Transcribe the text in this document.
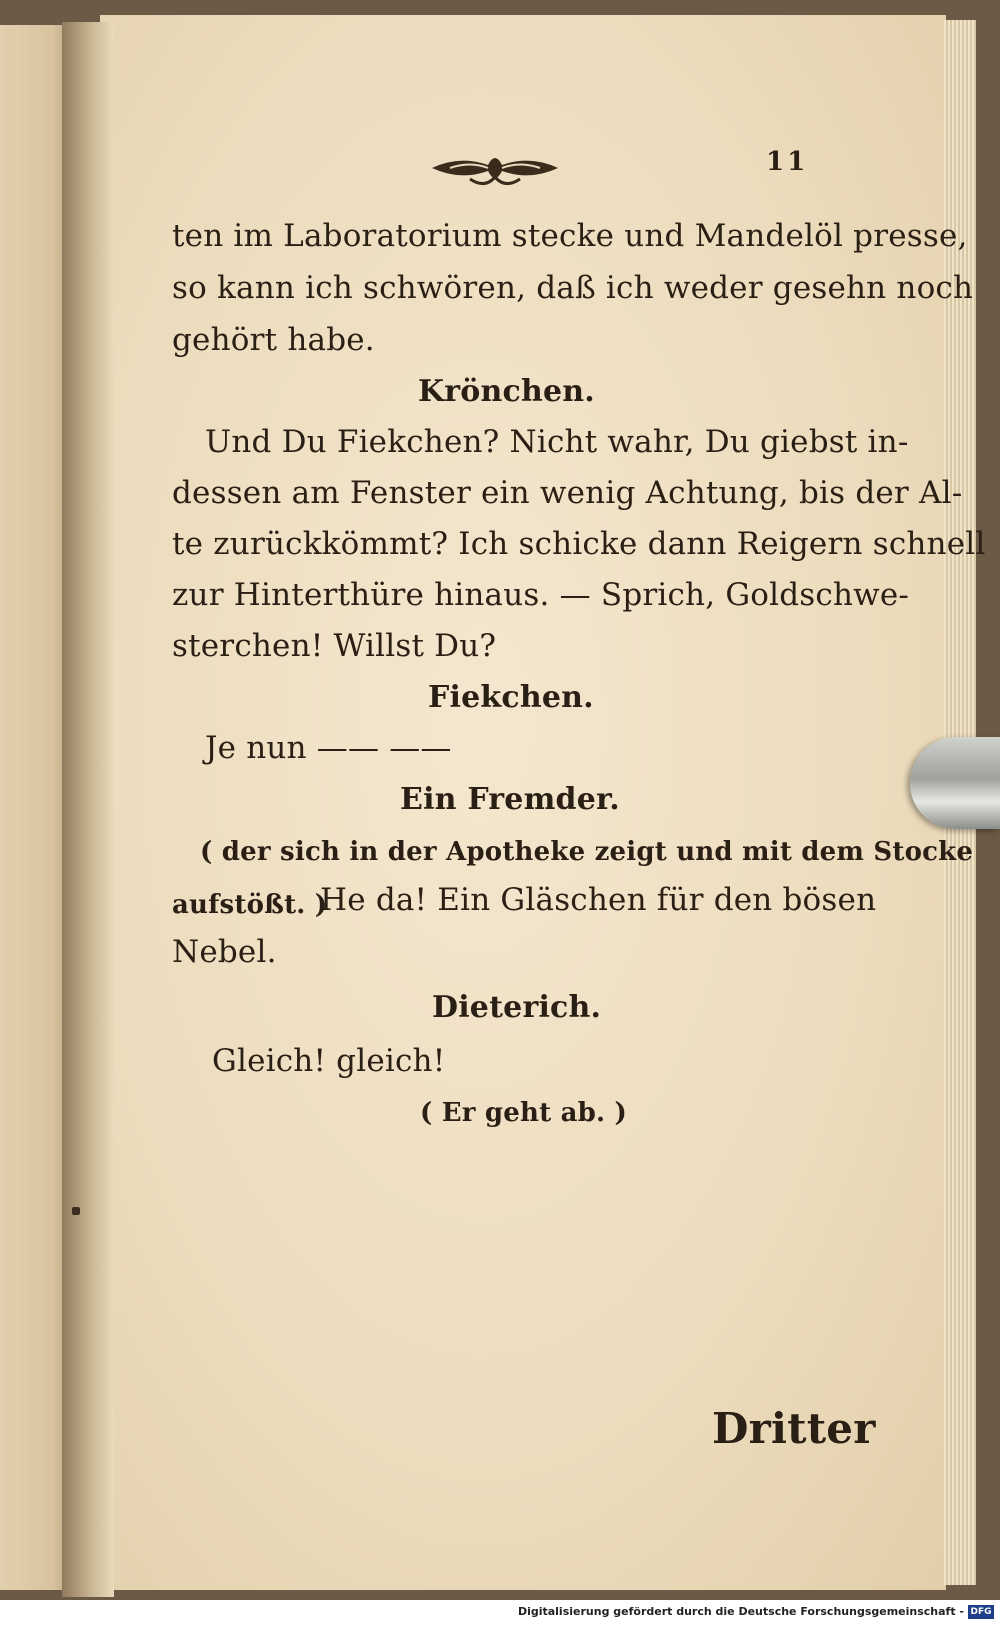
11
ten im Laboratorium stecke und Mandelöl presse,
so kann ich schwören, daß ich weder gesehn noch
gehört habe.
Krönchen.
Und Du Fiekchen? Nicht wahr, Du giebst in-
dessen am Fenster ein wenig Achtung, bis der Al-
te zurückkömmt? Ich schicke dann Reigern schnell
zur Hinterthüre hinaus. — Sprich, Goldschwe-
sterchen! Willst Du?
Fiekchen.
Je nun —— ——
Ein Fremder.
( der sich in der Apotheke zeigt und mit dem Stocke
aufstößt. )
He da! Ein Gläschen für den bösen
Nebel.
Dieterich.
Gleich! gleich!
( Er geht ab. )
Dritter
Digitalisierung gefördert durch die Deutsche Forschungsgemeinschaft - DFG
